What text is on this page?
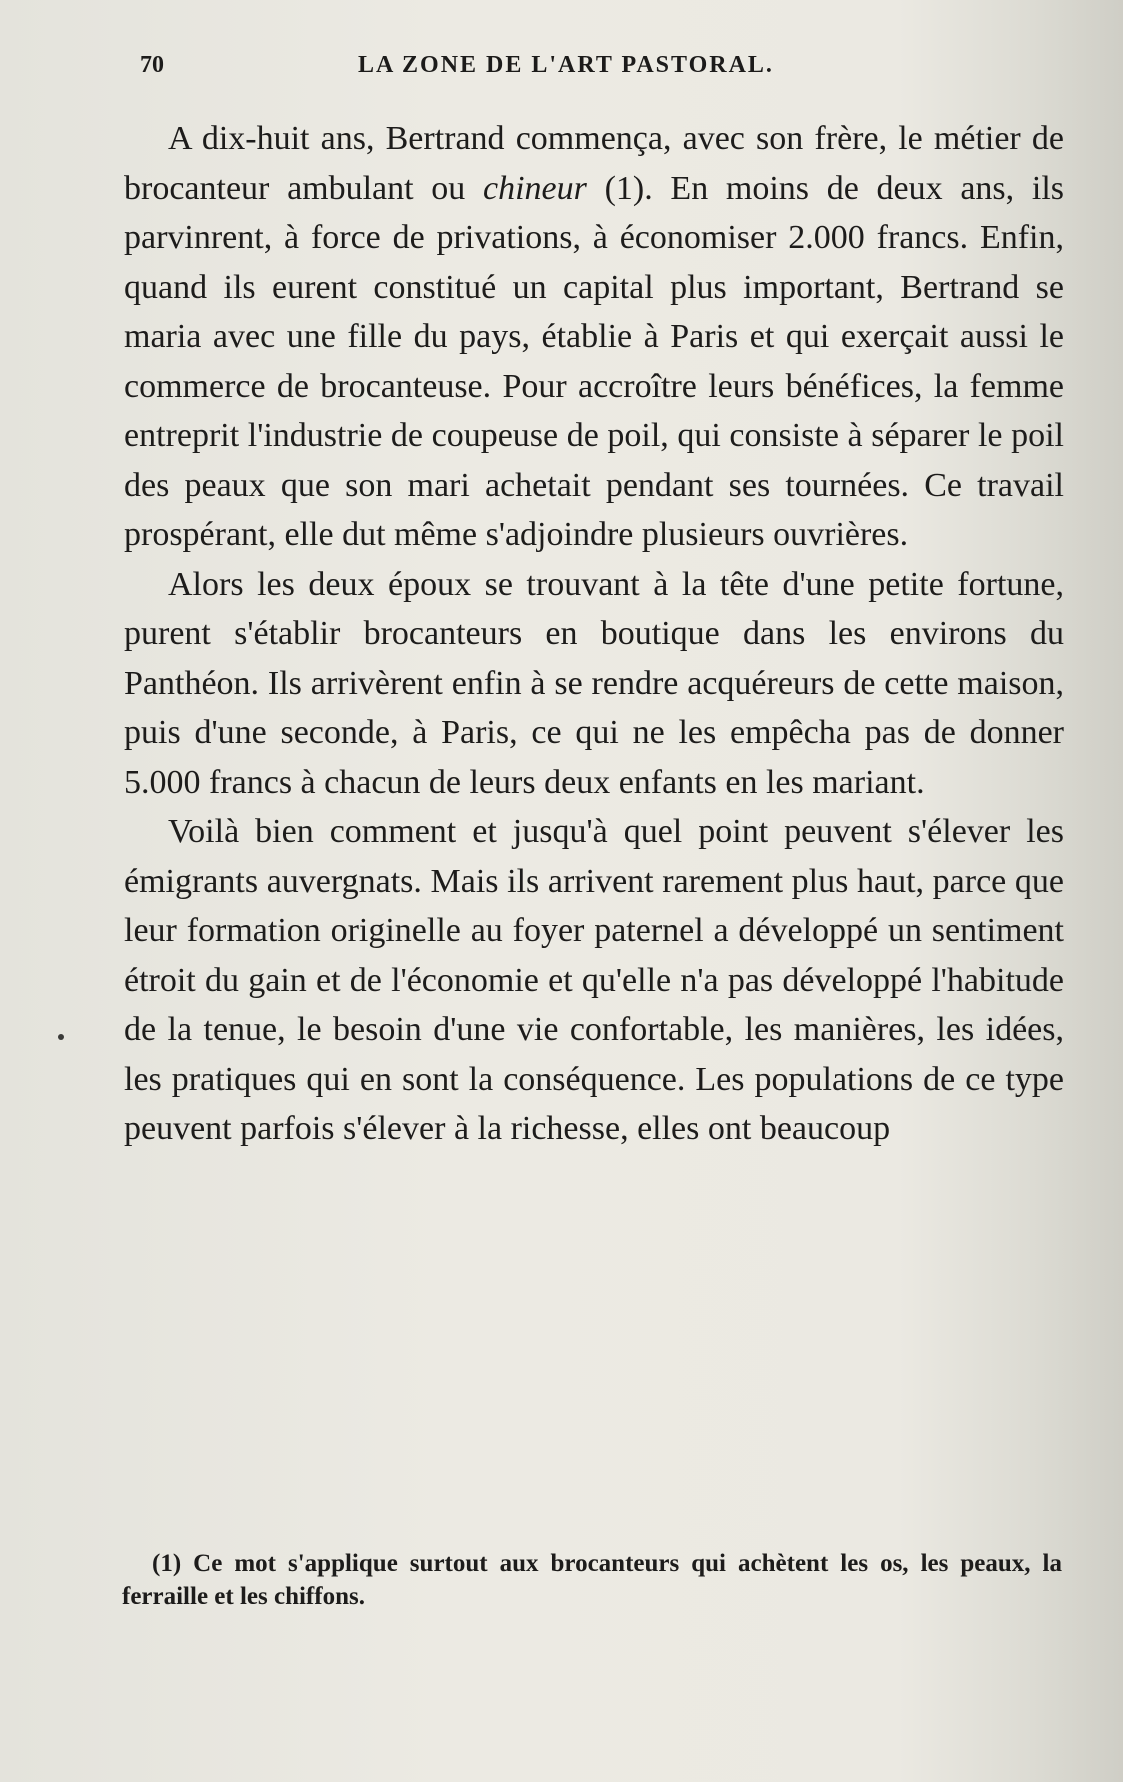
70	LA ZONE DE L'ART PASTORAL.

A dix-huit ans, Bertrand commença, avec son frère, le métier de brocanteur ambulant ou chineur (1). En moins de deux ans, ils parvinrent, à force de privations, à économiser 2.000 francs. Enfin, quand ils eurent constitué un capital plus important, Bertrand se maria avec une fille du pays, établie à Paris et qui exerçait aussi le commerce de brocanteuse. Pour accroître leurs bénéfices, la femme entreprit l'industrie de coupeuse de poil, qui consiste à séparer le poil des peaux que son mari achetait pendant ses tournées. Ce travail prospérant, elle dut même s'adjoindre plusieurs ouvrières.

Alors les deux époux se trouvant à la tête d'une petite fortune, purent s'établir brocanteurs en boutique dans les environs du Panthéon. Ils arrivèrent enfin à se rendre acquéreurs de cette maison, puis d'une seconde, à Paris, ce qui ne les empêcha pas de donner 5.000 francs à chacun de leurs deux enfants en les mariant.

Voilà bien comment et jusqu'à quel point peuvent s'élever les émigrants auvergnats. Mais ils arrivent rarement plus haut, parce que leur formation originelle au foyer paternel a développé un sentiment étroit du gain et de l'économie et qu'elle n'a pas développé l'habitude de la tenue, le besoin d'une vie confortable, les manières, les idées, les pratiques qui en sont la conséquence. Les populations de ce type peuvent parfois s'élever à la richesse, elles ont beaucoup

(1) Ce mot s'applique surtout aux brocanteurs qui achètent les os, les peaux, la ferraille et les chiffons.
